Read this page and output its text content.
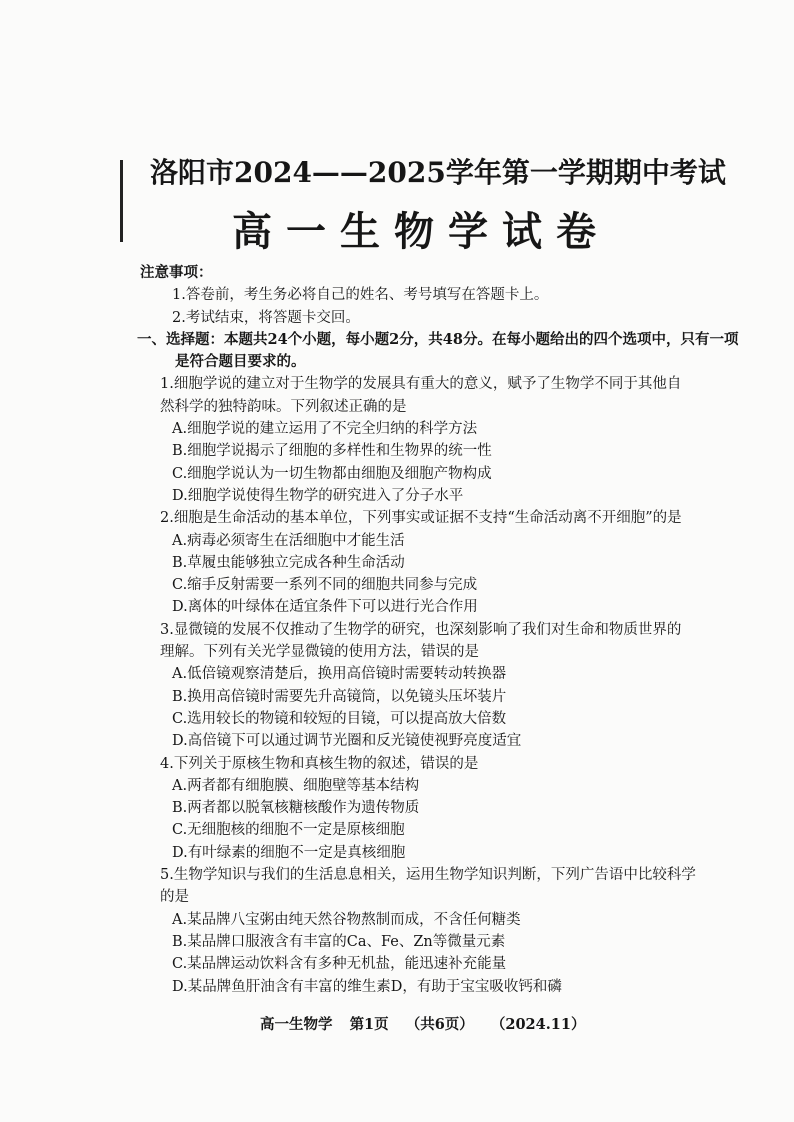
洛阳市2024——2025学年第一学期期中考试
高一生物学试卷
注意事项：
1.答卷前，考生务必将自己的姓名、考号填写在答题卡上。
2.考试结束，将答题卡交回。
一、选择题：本题共24个小题，每小题2分，共48分。在每小题给出的四个选项中，只有一项
是符合题目要求的。
1.细胞学说的建立对于生物学的发展具有重大的意义，赋予了生物学不同于其他自
然科学的独特韵味。下列叙述正确的是
A.细胞学说的建立运用了不完全归纳的科学方法
B.细胞学说揭示了细胞的多样性和生物界的统一性
C.细胞学说认为一切生物都由细胞及细胞产物构成
D.细胞学说使得生物学的研究进入了分子水平
2.细胞是生命活动的基本单位，下列事实或证据不支持“生命活动离不开细胞”的是
A.病毒必须寄生在活细胞中才能生活
B.草履虫能够独立完成各种生命活动
C.缩手反射需要一系列不同的细胞共同参与完成
D.离体的叶绿体在适宜条件下可以进行光合作用
3.显微镜的发展不仅推动了生物学的研究，也深刻影响了我们对生命和物质世界的
理解。下列有关光学显微镜的使用方法，错误的是
A.低倍镜观察清楚后，换用高倍镜时需要转动转换器
B.换用高倍镜时需要先升高镜筒，以免镜头压坏装片
C.选用较长的物镜和较短的目镜，可以提高放大倍数
D.高倍镜下可以通过调节光圈和反光镜使视野亮度适宜
4.下列关于原核生物和真核生物的叙述，错误的是
A.两者都有细胞膜、细胞壁等基本结构
B.两者都以脱氧核糖核酸作为遗传物质
C.无细胞核的细胞不一定是原核细胞
D.有叶绿素的细胞不一定是真核细胞
5.生物学知识与我们的生活息息相关，运用生物学知识判断，下列广告语中比较科学
的是
A.某品牌八宝粥由纯天然谷物熬制而成，不含任何糖类
B.某品牌口服液含有丰富的Ca、Fe、Zn等微量元素
C.某品牌运动饮料含有多种无机盐，能迅速补充能量
D.某品牌鱼肝油含有丰富的维生素D，有助于宝宝吸收钙和磷
高一生物学 第1页 （共6页） （2024.11）
